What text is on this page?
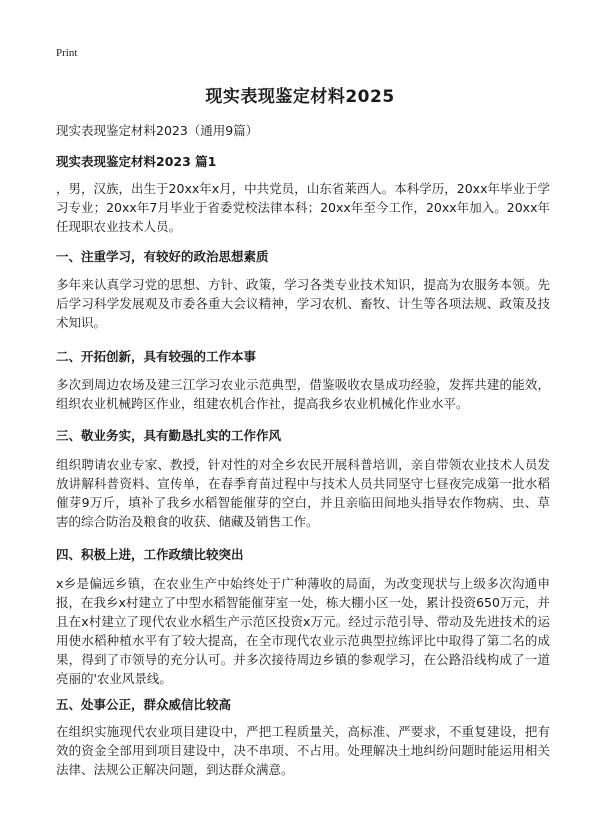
Print
现实表现鉴定材料2025

现实表现鉴定材料2023（通用9篇）

现实表现鉴定材料2023 篇1

，男，汉族，出生于20xx年x月，中共党员，山东省莱西人。本科学历，20xx年毕业于学习专业；20xx年7月毕业于省委党校法律本科；20xx年至今工作，20xx年加入。20xx年任现职农业技术人员。

一、注重学习，有较好的政治思想素质

多年来认真学习党的思想、方针、政策，学习各类专业技术知识，提高为农服务本领。先后学习科学发展观及市委各重大会议精神，学习农机、畜牧、计生等各项法规、政策及技术知识。

二、开拓创新，具有较强的工作本事

多次到周边农场及建三江学习农业示范典型，借鉴吸收农垦成功经验，发挥共建的能效，组织农业机械跨区作业，组建农机合作社，提高我乡农业机械化作业水平。

三、敬业务实，具有勤恳扎实的工作作风

组织聘请农业专家、教授，针对性的对全乡农民开展科普培训，亲自带领农业技术人员发放讲解科普资料、宣传单，在春季育苗过程中与技术人员共同坚守七昼夜完成第一批水稻催芽9万斤，填补了我乡水稻智能催芽的空白，并且亲临田间地头指导农作物病、虫、草害的综合防治及粮食的收获、储藏及销售工作。

四、积极上进，工作政绩比较突出

x乡是偏远乡镇，在农业生产中始终处于广种薄收的局面，为改变现状与上级多次沟通申报，在我乡x村建立了中型水稻智能催芽室一处，栋大棚小区一处，累计投资650万元，并且在x村建立了现代农业水稻生产示范区投资x万元。经过示范引导、带动及先进技术的运用使水稻种植水平有了较大提高，在全市现代农业示范典型拉练评比中取得了第二名的成果，得到了市领导的充分认可。并多次接待周边乡镇的参观学习，在公路沿线构成了一道亮丽的'农业风景线。

五、处事公正，群众威信比较高

在组织实施现代农业项目建设中，严把工程质量关，高标准、严要求，不重复建设，把有效的资金全部用到项目建设中，决不串项、不占用。处理解决土地纠纷问题时能运用相关法律、法规公正解决问题，到达群众满意。
